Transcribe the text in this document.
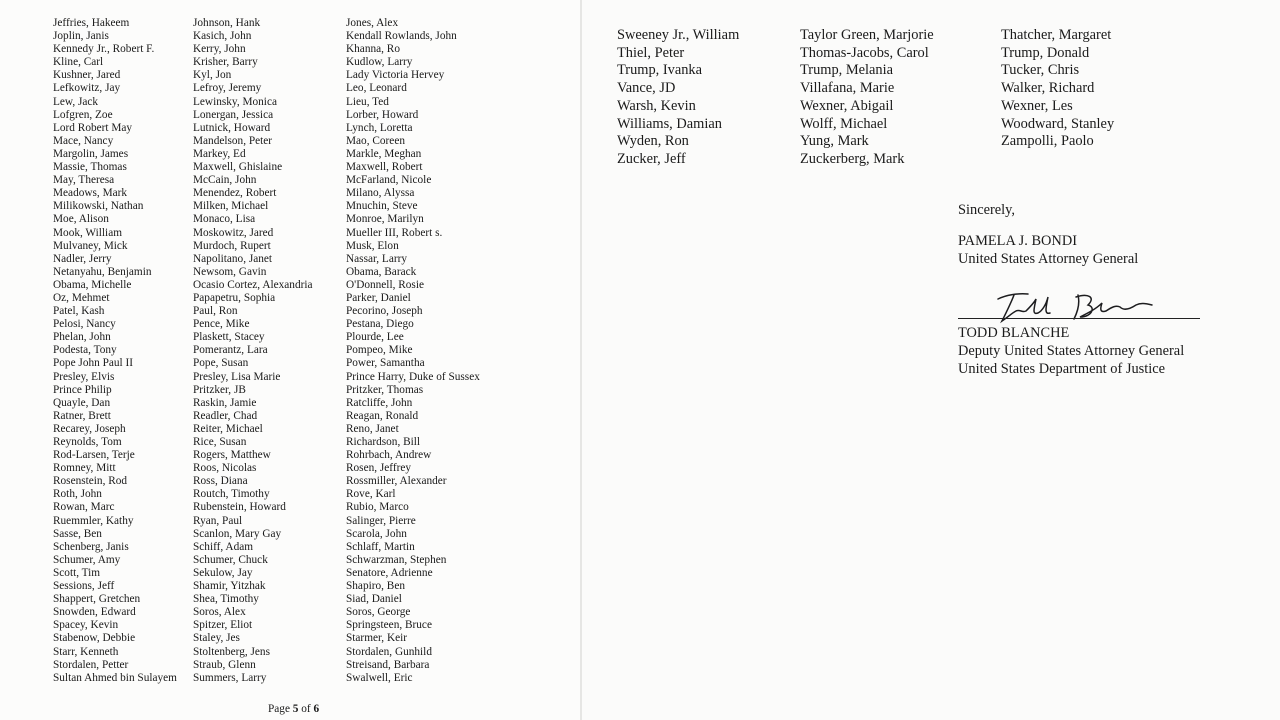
Jeffries, Hakeem
Joplin, Janis
Kennedy Jr., Robert F.
Kline, Carl
Kushner, Jared
Lefkowitz, Jay
Lew, Jack
Lofgren, Zoe
Lord Robert May
Mace, Nancy
Margolin, James
Massie, Thomas
May, Theresa
Meadows, Mark
Milikowski, Nathan
Moe, Alison
Mook, William
Mulvaney, Mick
Nadler, Jerry
Netanyahu, Benjamin
Obama, Michelle
Oz, Mehmet
Patel, Kash
Pelosi, Nancy
Phelan, John
Podesta, Tony
Pope John Paul II
Presley, Elvis
Prince Philip
Quayle, Dan
Ratner, Brett
Recarey, Joseph
Reynolds, Tom
Rod-Larsen, Terje
Romney, Mitt
Rosenstein, Rod
Roth, John
Rowan, Marc
Ruemmler, Kathy
Sasse, Ben
Schenberg, Janis
Schumer, Amy
Scott, Tim
Sessions, Jeff
Shappert, Gretchen
Snowden, Edward
Spacey, Kevin
Stabenow, Debbie
Starr, Kenneth
Stordalen, Petter
Sultan Ahmed bin Sulayem
Johnson, Hank
Kasich, John
Kerry, John
Krisher, Barry
Kyl, Jon
Lefroy, Jeremy
Lewinsky, Monica
Lonergan, Jessica
Lutnick, Howard
Mandelson, Peter
Markey, Ed
Maxwell, Ghislaine
McCain, John
Menendez, Robert
Milken, Michael
Monaco, Lisa
Moskowitz, Jared
Murdoch, Rupert
Napolitano, Janet
Newsom, Gavin
Ocasio Cortez, Alexandria
Papapetru, Sophia
Paul, Ron
Pence, Mike
Plaskett, Stacey
Pomerantz, Lara
Pope, Susan
Presley, Lisa Marie
Pritzker, JB
Raskin, Jamie
Readler, Chad
Reiter, Michael
Rice, Susan
Rogers, Matthew
Roos, Nicolas
Ross, Diana
Routch, Timothy
Rubenstein, Howard
Ryan, Paul
Scanlon, Mary Gay
Schiff, Adam
Schumer, Chuck
Sekulow, Jay
Shamir, Yitzhak
Shea, Timothy
Soros, Alex
Spitzer, Eliot
Staley, Jes
Stoltenberg, Jens
Straub, Glenn
Summers, Larry
Jones, Alex
Kendall Rowlands, John
Khanna, Ro
Kudlow, Larry
Lady Victoria Hervey
Leo, Leonard
Lieu, Ted
Lorber, Howard
Lynch, Loretta
Mao, Coreen
Markle, Meghan
Maxwell, Robert
McFarland, Nicole
Milano, Alyssa
Mnuchin, Steve
Monroe, Marilyn
Mueller III, Robert s.
Musk, Elon
Nassar, Larry
Obama, Barack
O'Donnell, Rosie
Parker, Daniel
Pecorino, Joseph
Pestana, Diego
Plourde, Lee
Pompeo, Mike
Power, Samantha
Prince Harry, Duke of Sussex
Pritzker, Thomas
Ratcliffe, John
Reagan, Ronald
Reno, Janet
Richardson, Bill
Rohrbach, Andrew
Rosen, Jeffrey
Rossmiller, Alexander
Rove, Karl
Rubio, Marco
Salinger, Pierre
Scarola, John
Schlaff, Martin
Schwarzman, Stephen
Senatore, Adrienne
Shapiro, Ben
Siad, Daniel
Soros, George
Springsteen, Bruce
Starmer, Keir
Stordalen, Gunhild
Streisand, Barbara
Swalwell, Eric
Page 5 of 6
Sweeney Jr., William
Thiel, Peter
Trump, Ivanka
Vance, JD
Warsh, Kevin
Williams, Damian
Wyden, Ron
Zucker, Jeff
Taylor Green, Marjorie
Thomas-Jacobs, Carol
Trump, Melania
Villafana, Marie
Wexner, Abigail
Wolff, Michael
Yung, Mark
Zuckerberg, Mark
Thatcher, Margaret
Trump, Donald
Tucker, Chris
Walker, Richard
Wexner, Les
Woodward, Stanley
Zampolli, Paolo
Sincerely,
PAMELA J. BONDI
United States Attorney General
TODD BLANCHE
Deputy United States Attorney General
United States Department of Justice
